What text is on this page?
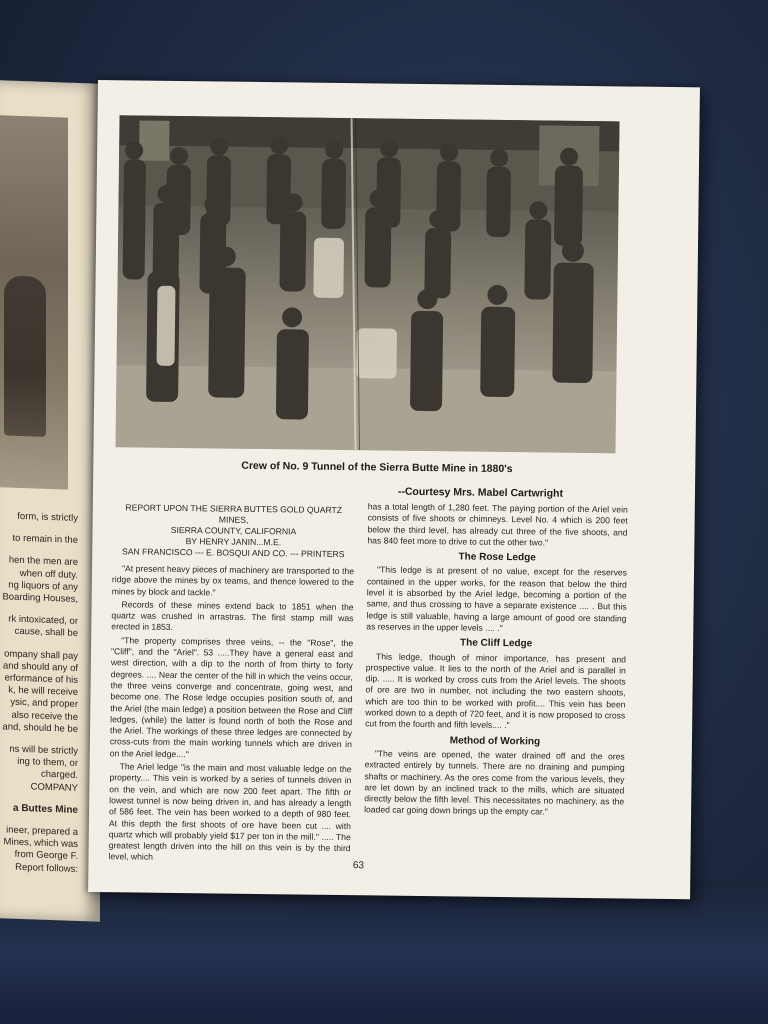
form, is strictly
to remain in the
hen the men are
when off duty.
ng liquors of any
Boarding Houses,
rk intoxicated, or
cause, shall be
ompany shall pay
and should any of
erformance of his
k, he will receive
ysic, and proper
also receive the
and, should he be
ns will be strictly
ing to them, or
charged.
COMPANY
a Buttes Mine
ineer, prepared a
Mines, which was
from George F.
Report follows:
Crew of No. 9 Tunnel of the Sierra Butte Mine in 1880's
--Courtesy Mrs. Mabel Cartwright
REPORT UPON THE SIERRA BUTTES GOLD QUARTZ MINES,
SIERRA COUNTY, CALIFORNIA
BY HENRY JANIN...M.E.
SAN FRANCISCO --- E. BOSQUI AND CO. --- PRINTERS

"At present heavy pieces of machinery are transported to the ridge above the mines by ox teams, and thence lowered to the mines by block and tackle."

Records of these mines extend back to 1851 when the quartz was crushed in arrastras. The first stamp mill was erected in 1853.

"The property comprises three veins, -- the "Rose", the "Cliff", and the "Ariel". 53 .....They have a general east and west direction, with a dip to the north of from thirty to forty degrees. .... Near the center of the hill in which the veins occur, the three veins converge and concentrate, going west, and become one. The Rose ledge occupies position south of, and the Ariel (the main ledge) a position between the Rose and Cliff ledges, (while) the latter is found north of both the Rose and the Ariel. The workings of these three ledges are connected by cross-cuts from the main working tunnels which are driven in on the Ariel ledge...."

The Ariel ledge "is the main and most valuable ledge on the property.... This vein is worked by a series of tunnels driven in on the vein, and which are now 200 feet apart. The fifth or lowest tunnel is now being driven in, and has already a length of 586 feet. The vein has been worked to a depth of 980 feet. At this depth the first shoots of ore have been cut .... with quartz which will probably yield $17 per ton in the mill." ..... The greatest length driven into the hill on this vein is by the third level, which

has a total length of 1,280 feet. The paying portion of the Ariel vein consists of five shoots or chimneys. Level No. 4 which is 200 feet below the third level, has already cut three of the five shoots, and has 840 feet more to drive to cut the other two."

The Rose Ledge

"This ledge is at present of no value, except for the reserves contained in the upper works, for the reason that below the third level it is absorbed by the Ariel ledge, becoming a portion of the same, and thus crossing to have a separate existence .... . But this ledge is still valuable, having a large amount of good ore standing as reserves in the upper levels .... ."

The Cliff Ledge

This ledge, though of minor importance, has present and prospective value. It lies to the north of the Ariel and is parallel in dip. ..... It is worked by cross cuts from the Ariel levels. The shoots of ore are two in number, not including the two eastern shoots, which are too thin to be worked with profit.... This vein has been worked down to a depth of 720 feet, and it is now proposed to cross cut from the fourth and fifth levels.... ."

Method of Working

"The veins are opened, the water drained off and the ores extracted entirely by tunnels. There are no draining and pumping shafts or machinery. As the ores come from the various levels, they are let down by an inclined track to the mills, which are situated directly below the fifth level. This necessitates no machinery, as the loaded car going down brings up the empty car."

63
